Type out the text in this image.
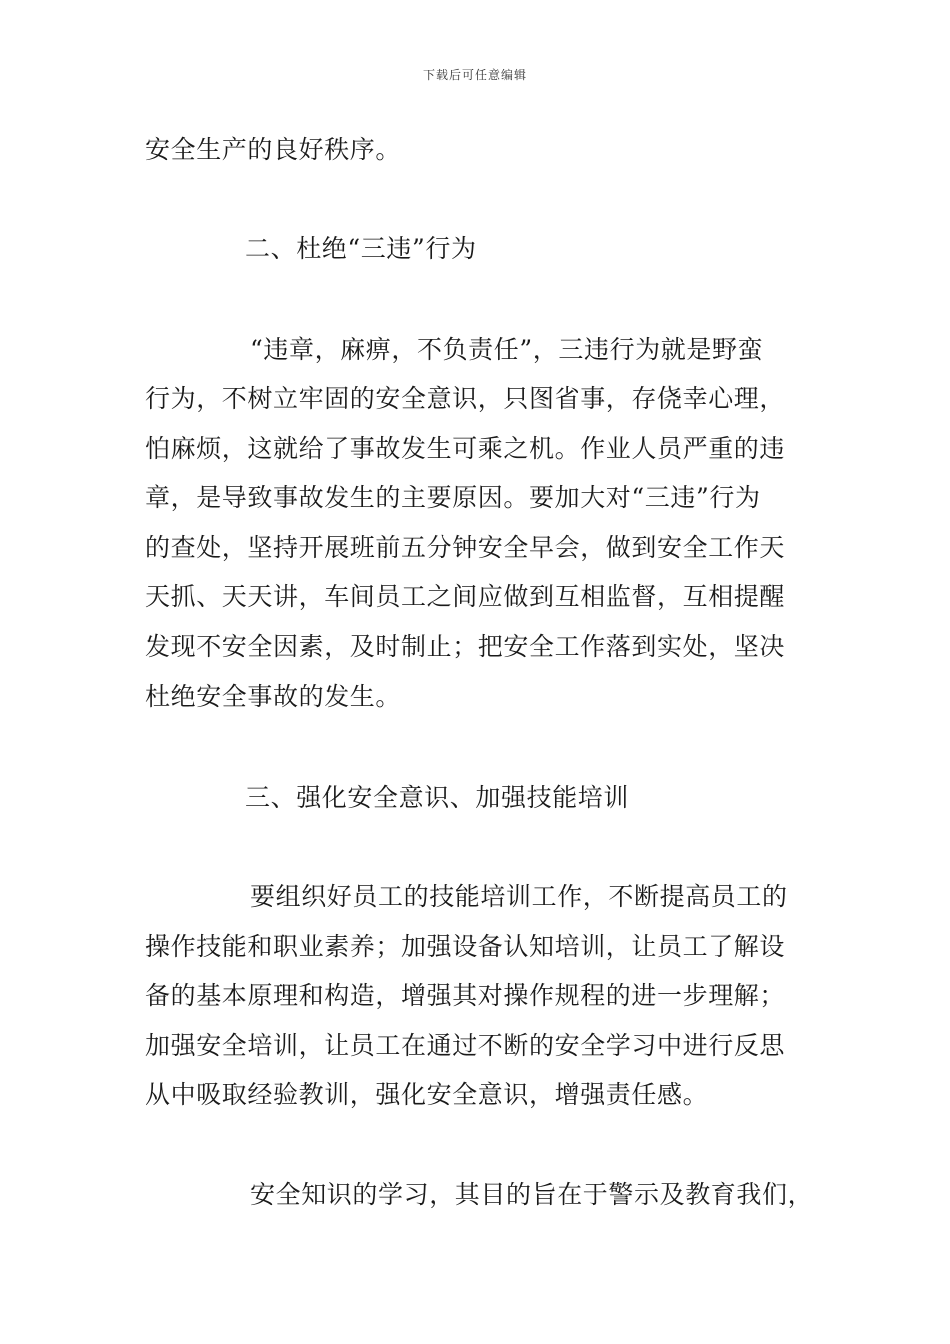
下载后可任意编辑
安全生产的良好秩序。
二、杜绝“三违”行为
“违章，麻痹，不负责任”，三违行为就是野蛮
行为，不树立牢固的安全意识，只图省事，存侥幸心理，
怕麻烦，这就给了事故发生可乘之机。作业人员严重的违
章，是导致事故发生的主要原因。要加大对“三违”行为
的查处，坚持开展班前五分钟安全早会，做到安全工作天
天抓、天天讲，车间员工之间应做到互相监督，互相提醒
发现不安全因素，及时制止；把安全工作落到实处，坚决
杜绝安全事故的发生。
三、强化安全意识、加强技能培训
要组织好员工的技能培训工作，不断提高员工的
操作技能和职业素养；加强设备认知培训，让员工了解设
备的基本原理和构造，增强其对操作规程的进一步理解；
加强安全培训，让员工在通过不断的安全学习中进行反思
从中吸取经验教训，强化安全意识，增强责任感。
安全知识的学习，其目的旨在于警示及教育我们，
